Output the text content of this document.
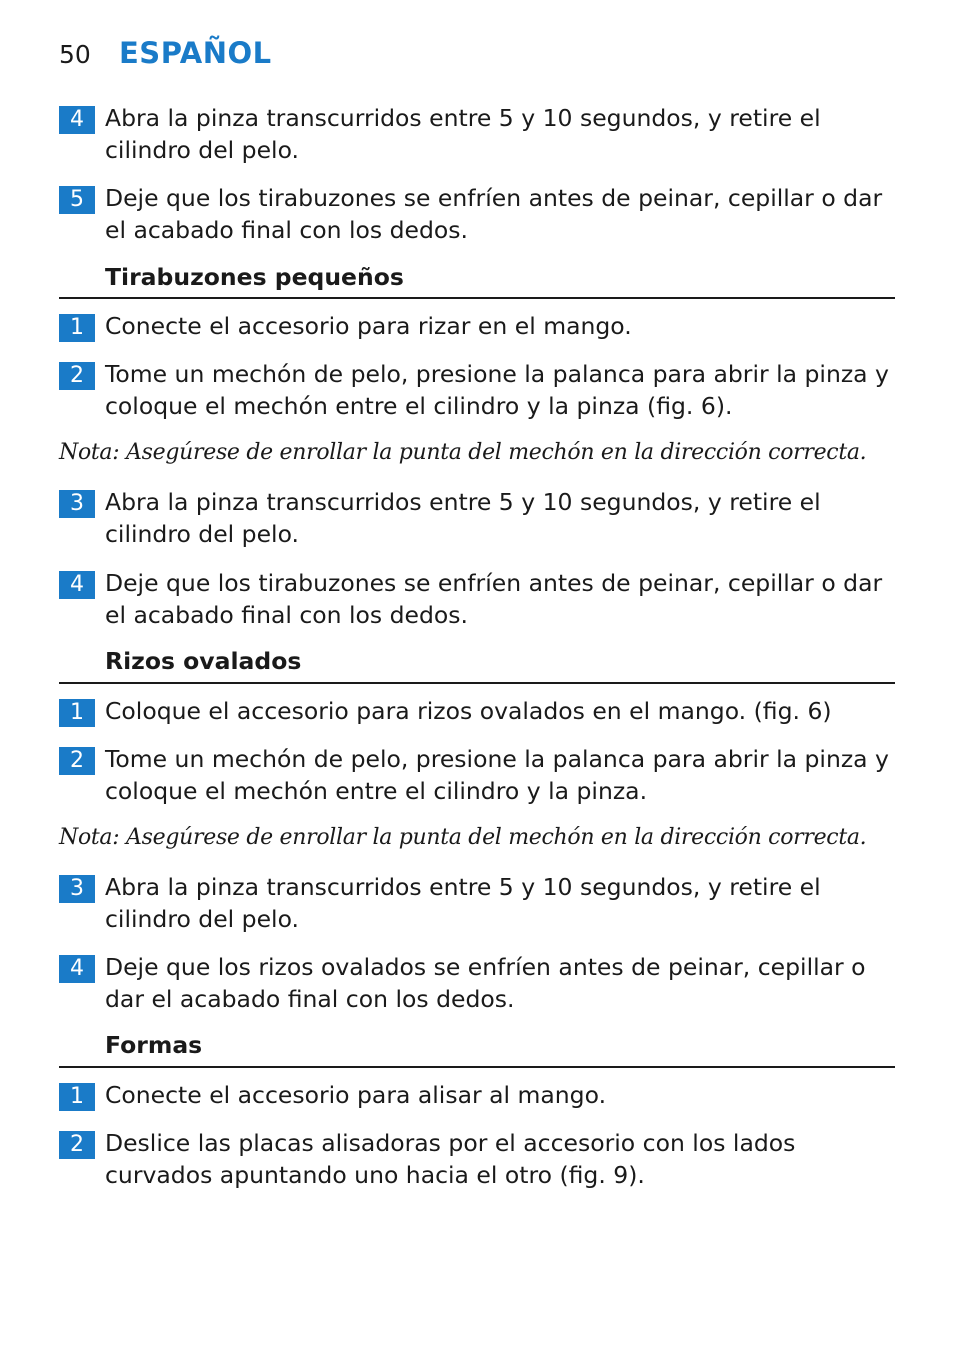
50 ESPAÑOL
4 Abra la pinza transcurridos entre 5 y 10 segundos, y retire el cilindro del pelo.
5 Deje que los tirabuzones se enfríen antes de peinar, cepillar o dar el acabado final con los dedos.
Tirabuzones pequeños
1 Conecte el accesorio para rizar en el mango.
2 Tome un mechón de pelo, presione la palanca para abrir la pinza y coloque el mechón entre el cilindro y la pinza (fig. 6).
Nota: Asegúrese de enrollar la punta del mechón en la dirección correcta.
3 Abra la pinza transcurridos entre 5 y 10 segundos, y retire el cilindro del pelo.
4 Deje que los tirabuzones se enfríen antes de peinar, cepillar o dar el acabado final con los dedos.
Rizos ovalados
1 Coloque el accesorio para rizos ovalados en el mango. (fig. 6)
2 Tome un mechón de pelo, presione la palanca para abrir la pinza y coloque el mechón entre el cilindro y la pinza.
Nota: Asegúrese de enrollar la punta del mechón en la dirección correcta.
3 Abra la pinza transcurridos entre 5 y 10 segundos, y retire el cilindro del pelo.
4 Deje que los rizos ovalados se enfríen antes de peinar, cepillar o dar el acabado final con los dedos.
Formas
1 Conecte el accesorio para alisar al mango.
2 Deslice las placas alisadoras por el accesorio con los lados curvados apuntando uno hacia el otro (fig. 9).
